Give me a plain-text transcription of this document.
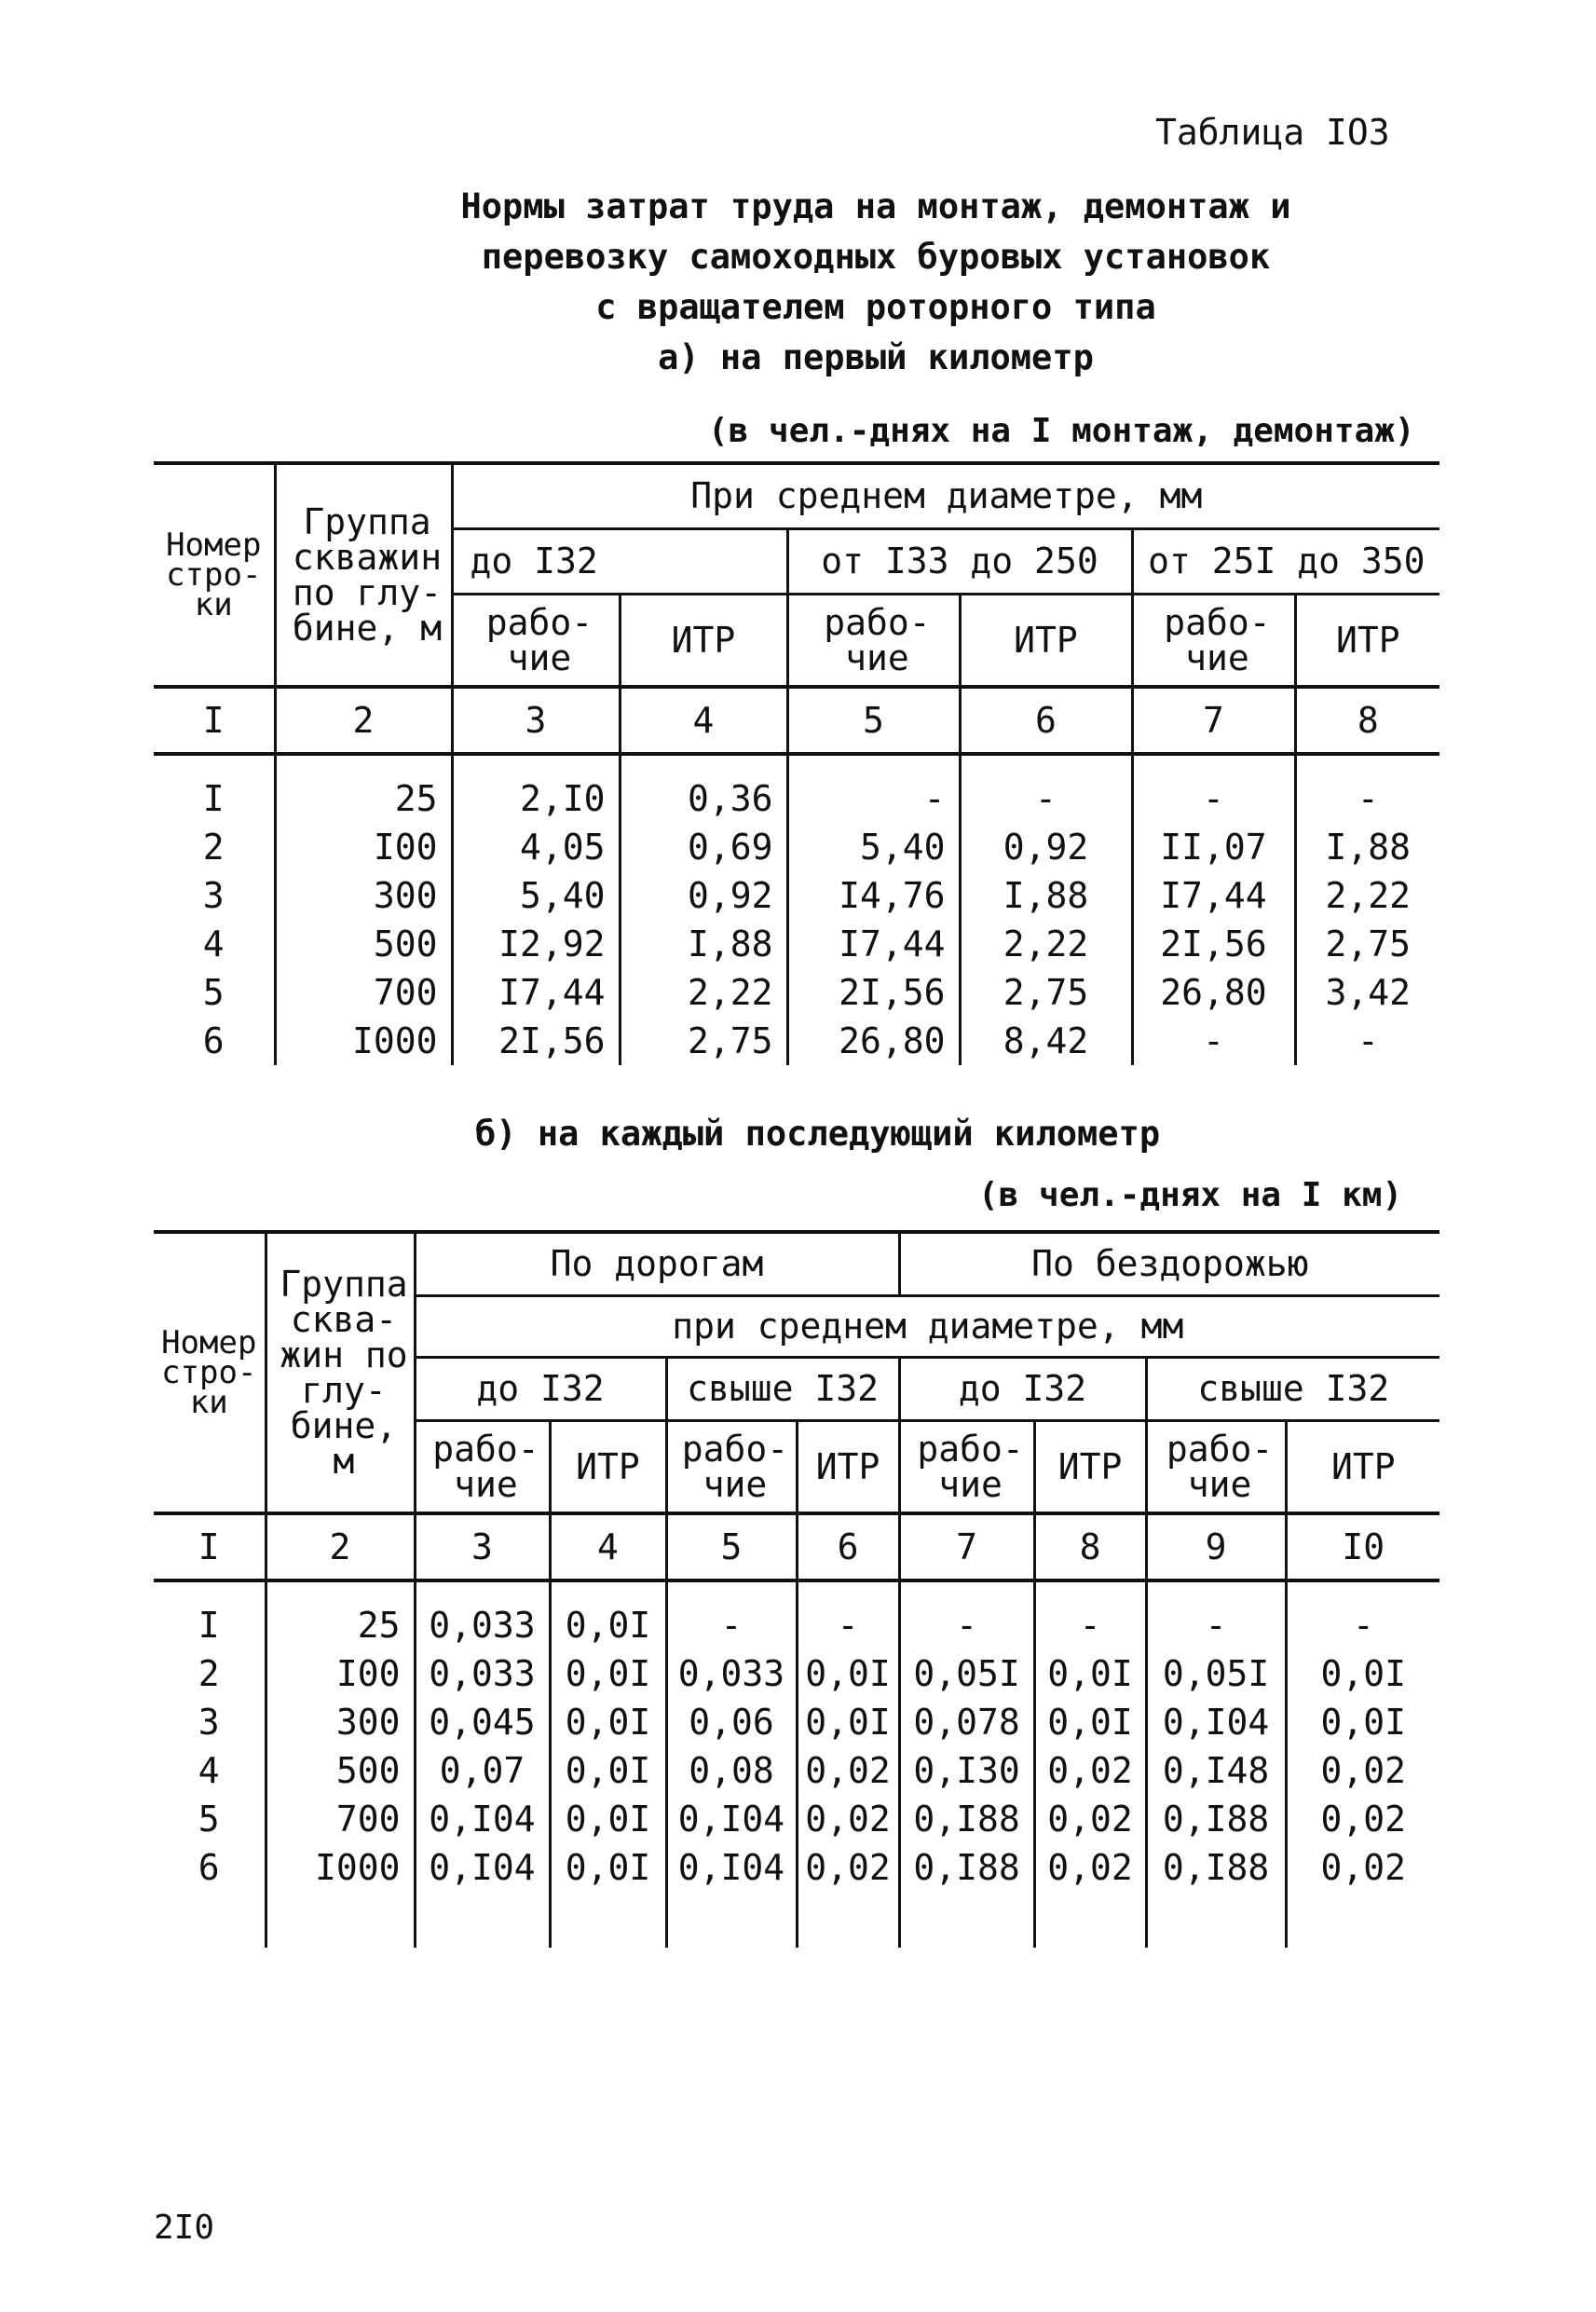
Таблица IO3
Нормы затрат труда на монтаж, демонтаж и
перевозку самоходных буровых установок
с вращателем роторного типа
а) на первый километр
(в чел.-днях на I монтаж, демонтаж)
Номер стро-ки	Группа скважин по глу-бине, м	При среднем диаметре, мм					
		до I32		от I33 до 250		от 25I до 350	
		рабо-чие	ИТР	рабо-чие	ИТР	рабо-чие	ИТР
I	2	3	4	5	6	7	8

I	25	2,I0	0,36	-	-	-	-
2	I00	4,05	0,69	5,40	0,92	II,07	I,88
3	300	5,40	0,92	I4,76	I,88	I7,44	2,22
4	500	I2,92	I,88	I7,44	2,22	2I,56	2,75
5	700	I7,44	2,22	2I,56	2,75	26,80	3,42
6	I000	2I,56	2,75	26,80	8,42	-	-
б) на каждый последующий километр
(в чел.-днях на I км)
Номер стро-ки	Группа сква-жин по глу-бине, м	По дорогам				По бездорожью			
		при среднем диаметре, мм							
		до I32		свыше I32		до I32		свыше I32	
		рабо-чие	ИТР	рабо-чие	ИТР	рабо-чие	ИТР	рабо-чие	ИТР
I	2	3	4	5	6	7	8	9	I0

I	25	0,033	0,0I	-	-	-	-	-	-
2	I00	0,033	0,0I	0,033	0,0I	0,05I	0,0I	0,05I	0,0I
3	300	0,045	0,0I	0,06	0,0I	0,078	0,0I	0,I04	0,0I
4	500	0,07	0,0I	0,08	0,02	0,I30	0,02	0,I48	0,02
5	700	0,I04	0,0I	0,I04	0,02	0,I88	0,02	0,I88	0,02
6	I000	0,I04	0,0I	0,I04	0,02	0,I88	0,02	0,I88	0,02

2I0
